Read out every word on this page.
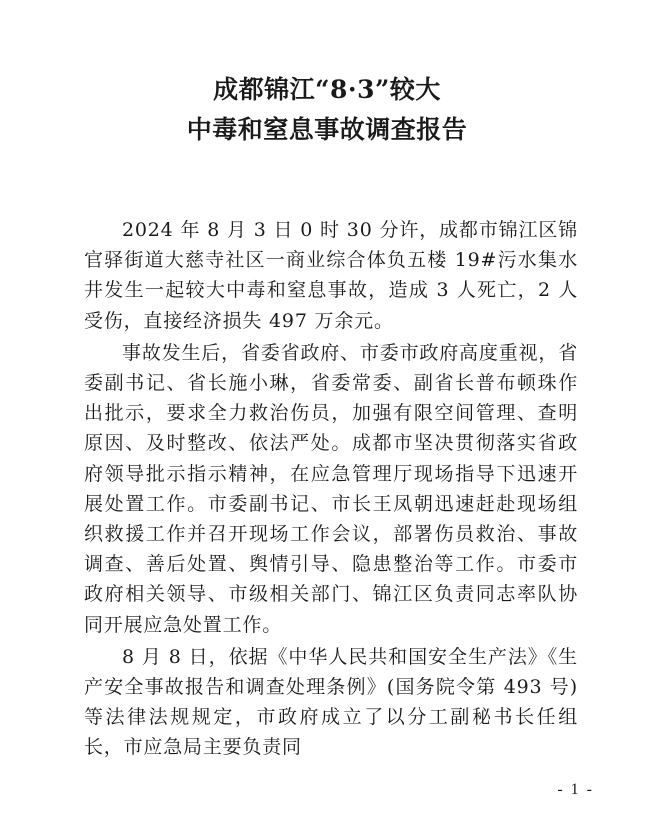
成都锦江“8·3”较大
中毒和窒息事故调查报告

2024 年 8 月 3 日 0 时 30 分许，成都市锦江区锦官驿街道大慈寺社区一商业综合体负五楼 19#污水集水井发生一起较大中毒和窒息事故，造成 3 人死亡，2 人受伤，直接经济损失 497 万余元。

事故发生后，省委省政府、市委市政府高度重视，省委副书记、省长施小琳，省委常委、副省长普布顿珠作出批示，要求全力救治伤员，加强有限空间管理、查明原因、及时整改、依法严处。成都市坚决贯彻落实省政府领导批示指示精神，在应急管理厅现场指导下迅速开展处置工作。市委副书记、市长王凤朝迅速赶赴现场组织救援工作并召开现场工作会议，部署伤员救治、事故调查、善后处置、舆情引导、隐患整治等工作。市委市政府相关领导、市级相关部门、锦江区负责同志率队协同开展应急处置工作。

8 月 8 日，依据《中华人民共和国安全生产法》《生产安全事故报告和调查处理条例》(国务院令第 493 号) 等法律法规规定，市政府成立了以分工副秘书长任组长，市应急局主要负责同

- 1 -
